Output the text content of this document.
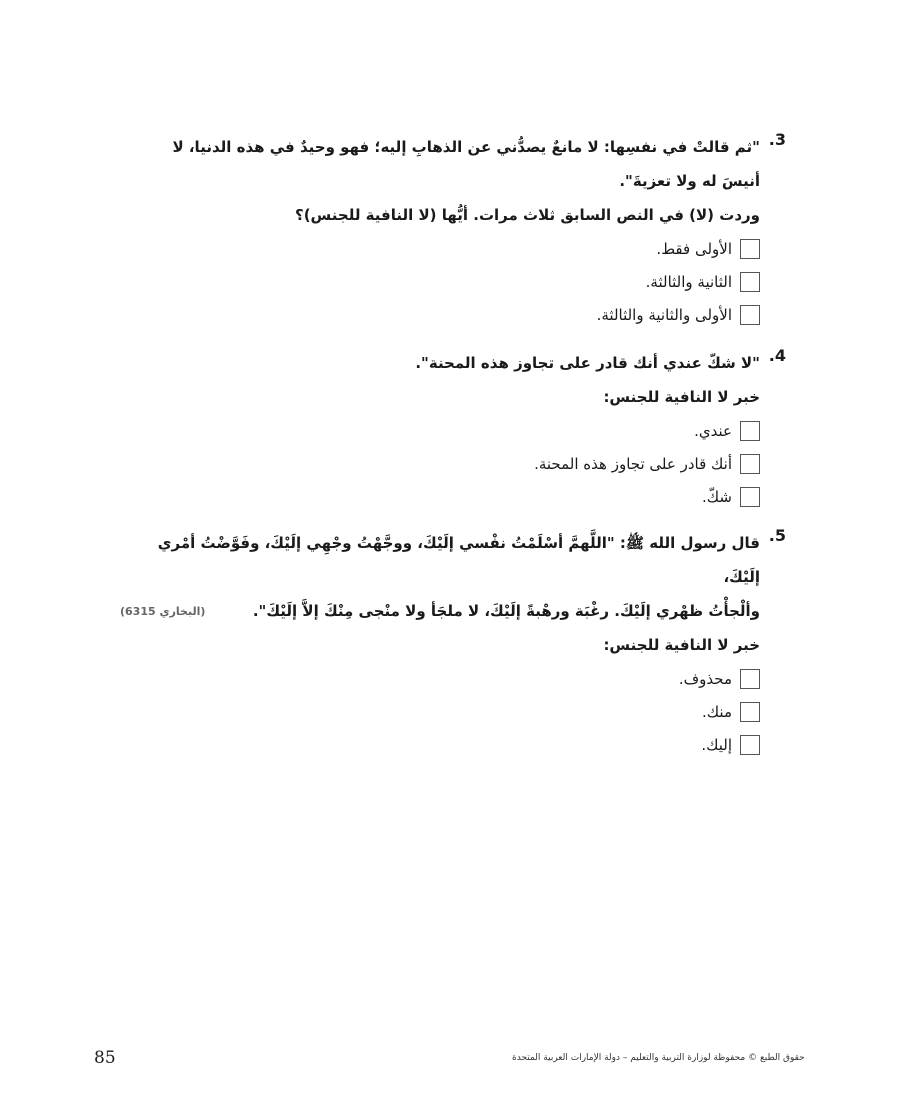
.3

"ثم قالتْ في نفسِها: لا مانعٌ يصدُّني عن الذهابِ إليه؛ فهو وحيدٌ في هذه الدنيا، لا

أنيسَ له ولا تعزيةَ".

وردت (لا) في النص السابق ثلاث مرات. أيُّها (لا النافية للجنس)؟

الأولى فقط.
الثانية والثالثة.
الأولى والثانية والثالثة.
.4

"لا شكّ عندي أنك قادر على تجاوز هذه المحنة".

خبر لا النافية للجنس:

عندي.
أنك قادر على تجاوز هذه المحنة.
شكّ.
.5

قال رسول الله ﷺ: "اللَّهمَّ أسْلَمْتُ نفْسي إلَيْكَ، ووجَّهْتُ وجْهِي إلَيْكَ، وفَوَّضْتُ أمْري إلَيْكَ،

وألْجأْتُ ظهْري إلَيْكَ. رغْبَة ورهْبةً إلَيْكَ، لا ملجَأ ولا منْجى مِنْكَ إلاَّ إلَيْكَ".

(البخاري 6315)

خبر لا النافية للجنس:

محذوف.
منك.
إليك.
85	حقوق الطبع © محفوظة لوزارة التربية والتعليم – دولة الإمارات العربية المتحدة
